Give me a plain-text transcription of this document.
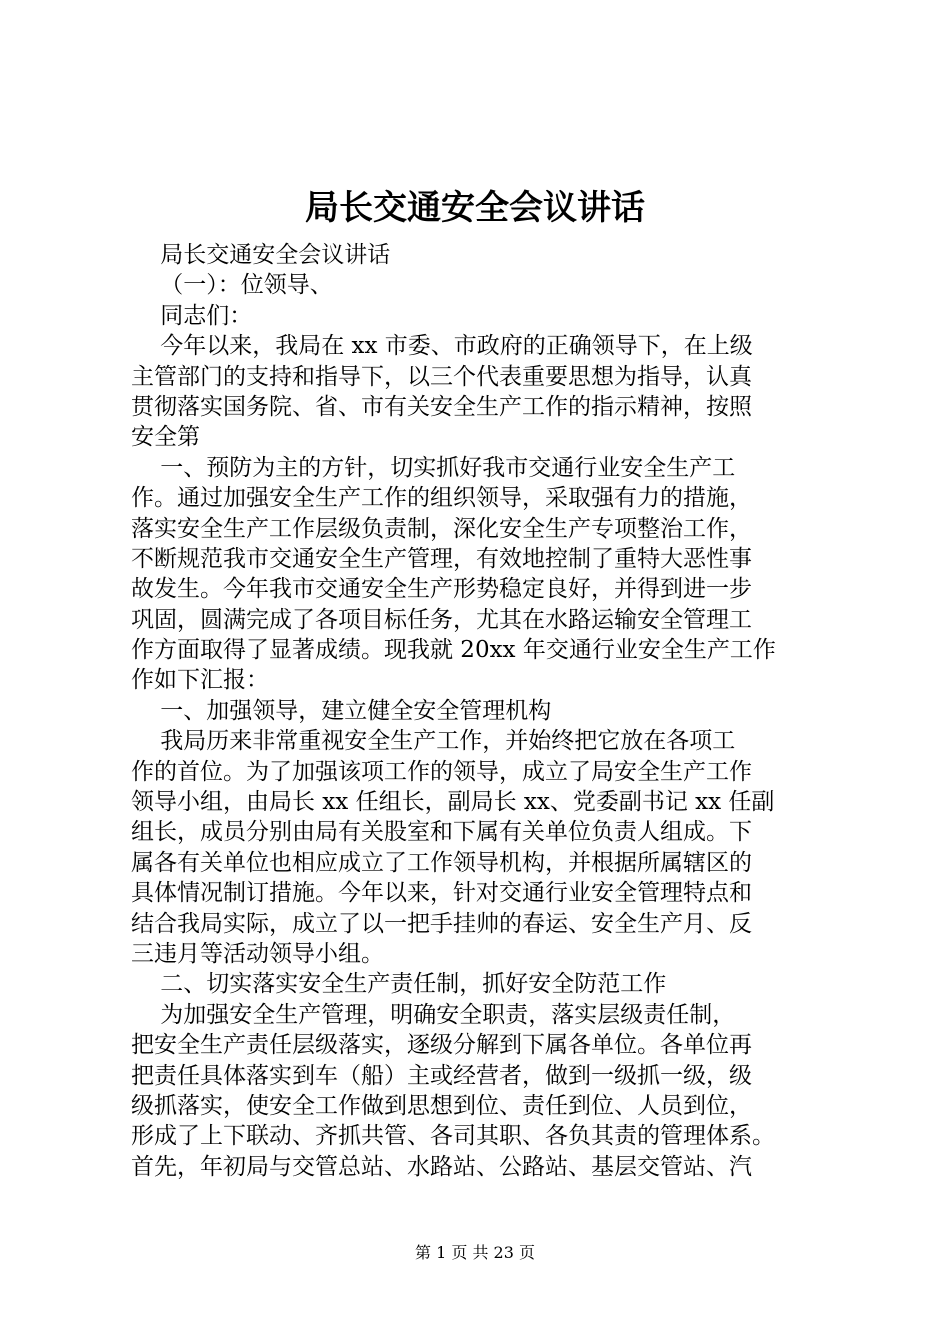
局长交通安全会议讲话
局长交通安全会议讲话
（一）：位领导、
同志们：
今年以来，我局在 xx 市委、市政府的正确领导下，在上级
主管部门的支持和指导下，以三个代表重要思想为指导，认真
贯彻落实国务院、省、市有关安全生产工作的指示精神，按照
安全第
一、预防为主的方针，切实抓好我市交通行业安全生产工
作。通过加强安全生产工作的组织领导，采取强有力的措施，
落实安全生产工作层级负责制，深化安全生产专项整治工作，
不断规范我市交通安全生产管理，有效地控制了重特大恶性事
故发生。今年我市交通安全生产形势稳定良好，并得到进一步
巩固，圆满完成了各项目标任务，尤其在水路运输安全管理工
作方面取得了显著成绩。现我就 20xx 年交通行业安全生产工作
作如下汇报：
一、加强领导，建立健全安全管理机构
我局历来非常重视安全生产工作，并始终把它放在各项工
作的首位。为了加强该项工作的领导，成立了局安全生产工作
领导小组，由局长 xx 任组长，副局长 xx、党委副书记 xx 任副
组长，成员分别由局有关股室和下属有关单位负责人组成。下
属各有关单位也相应成立了工作领导机构，并根据所属辖区的
具体情况制订措施。今年以来，针对交通行业安全管理特点和
结合我局实际，成立了以一把手挂帅的春运、安全生产月、反
三违月等活动领导小组。
二、切实落实安全生产责任制，抓好安全防范工作
为加强安全生产管理，明确安全职责，落实层级责任制，
把安全生产责任层级落实，逐级分解到下属各单位。各单位再
把责任具体落实到车（船）主或经营者，做到一级抓一级，级
级抓落实，使安全工作做到思想到位、责任到位、人员到位，
形成了上下联动、齐抓共管、各司其职、各负其责的管理体系。
首先，年初局与交管总站、水路站、公路站、基层交管站、汽
第 1 页 共 23 页
